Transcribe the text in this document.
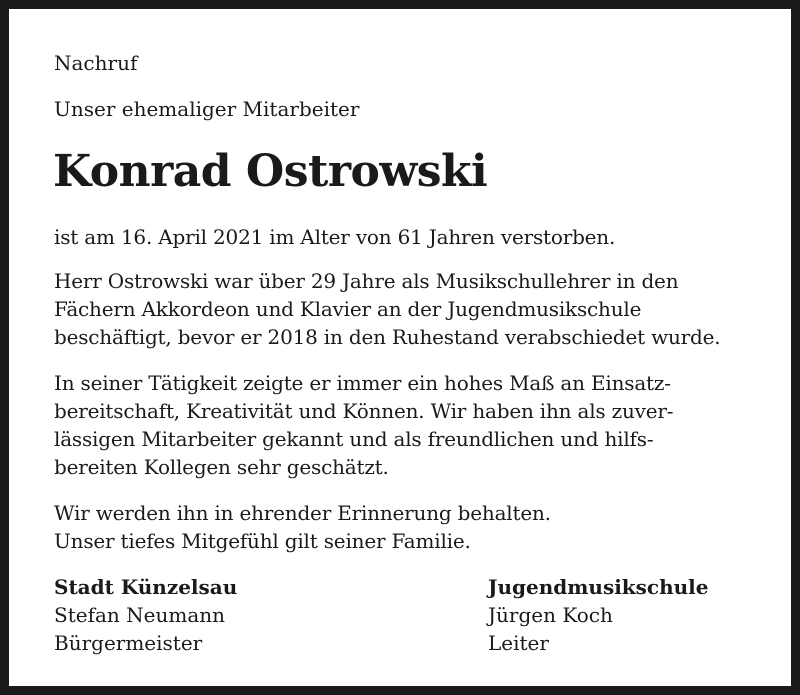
Nachruf
Unser ehemaliger Mitarbeiter
Konrad Ostrowski
ist am 16. April 2021 im Alter von 61 Jahren verstorben.
Herr Ostrowski war über 29 Jahre als Musikschullehrer in den
Fächern Akkordeon und Klavier an der Jugendmusikschule
beschäftigt, bevor er 2018 in den Ruhestand verabschiedet wurde.
In seiner Tätigkeit zeigte er immer ein hohes Maß an Einsatz-
bereitschaft, Kreativität und Können. Wir haben ihn als zuver-
lässigen Mitarbeiter gekannt und als freundlichen und hilfs-
bereiten Kollegen sehr geschätzt.
Wir werden ihn in ehrender Erinnerung behalten.
Unser tiefes Mitgefühl gilt seiner Familie.
Stadt Künzelsau
Stefan Neumann
Bürgermeister
Jugendmusikschule
Jürgen Koch
Leiter
